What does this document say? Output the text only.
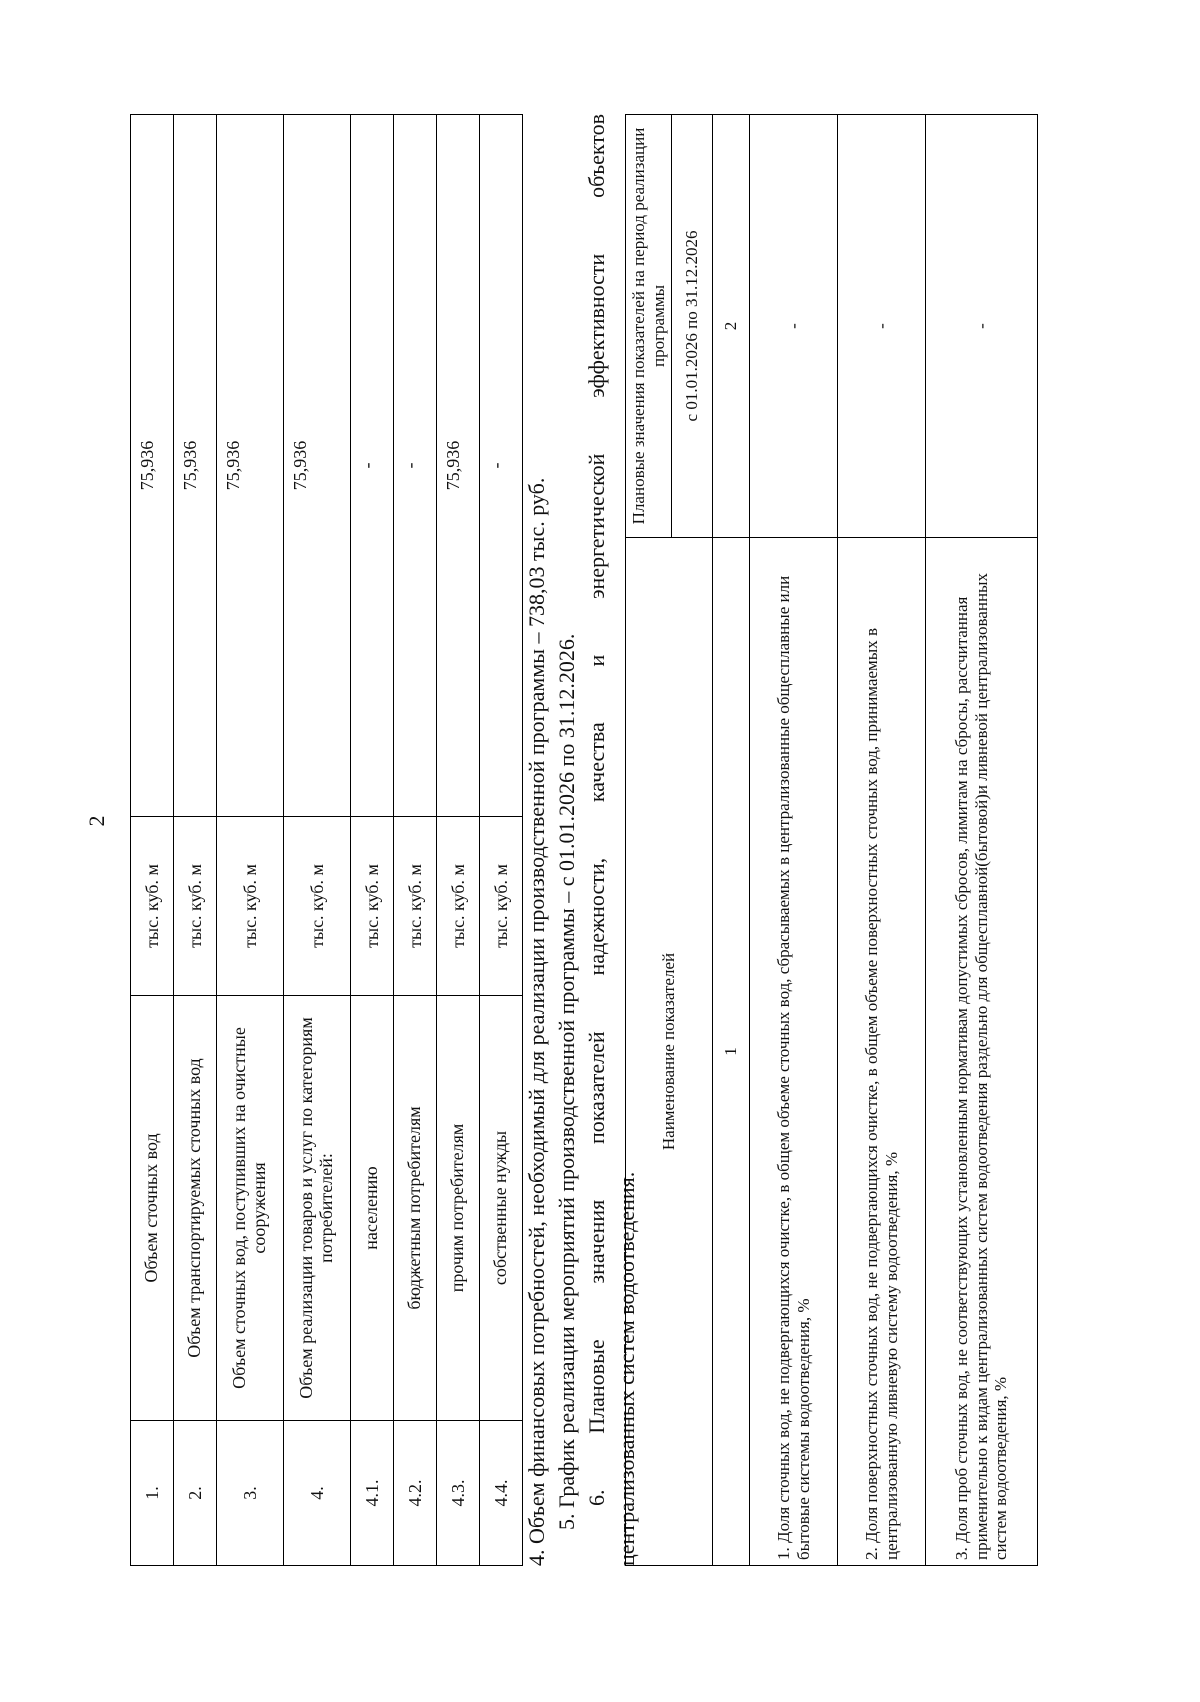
2
1.	Объем сточных вод	тыс. куб. м	75,936
2.	Объем транспортируемых сточных вод	тыс. куб. м	75,936
3.	Объем сточных вод, поступивших на очистные сооружения	тыс. куб. м	75,936
4.	Объем реализации товаров и услуг по категориям потребителей:	тыс. куб. м	75,936
4.1.	населению	тыс. куб. м	-
4.2.	бюджетным потребителям	тыс. куб. м	-
4.3.	прочим потребителям	тыс. куб. м	75,936
4.4.	собственные нужды	тыс. куб. м	-

4. Объем финансовых потребностей, необходимый для реализации производственной программы – 738,03 тыс. руб. 5. График реализации мероприятий производственной программы – с 01.01.2026 по 31.12.2026. 6. Плановые значения показателей надежности, качества и энергетической эффективности объектов централизованных систем водоотведения.

Наименование показателей	Плановые значения показателей на период реализации программы
	с 01.01.2026 по 31.12.2026
1	2
1. Доля сточных вод, не подвергающихся очистке, в общем объеме сточных вод, сбрасываемых в централизованные общесплавные или бытовые системы водоотведения, %	-
2. Доля поверхностных сточных вод, не подвергающихся очистке, в общем объеме поверхностных сточных вод, принимаемых в централизованную ливневую систему водоотведения, %	-
3. Доля проб сточных вод, не соответствующих установленным нормативам допустимых сбросов, лимитам на сбросы, рассчитанная применительно к видам централизованных систем водоотведения раздельно для общесплавной(бытовой)и ливневой централизованных систем водоотведения, %	-
